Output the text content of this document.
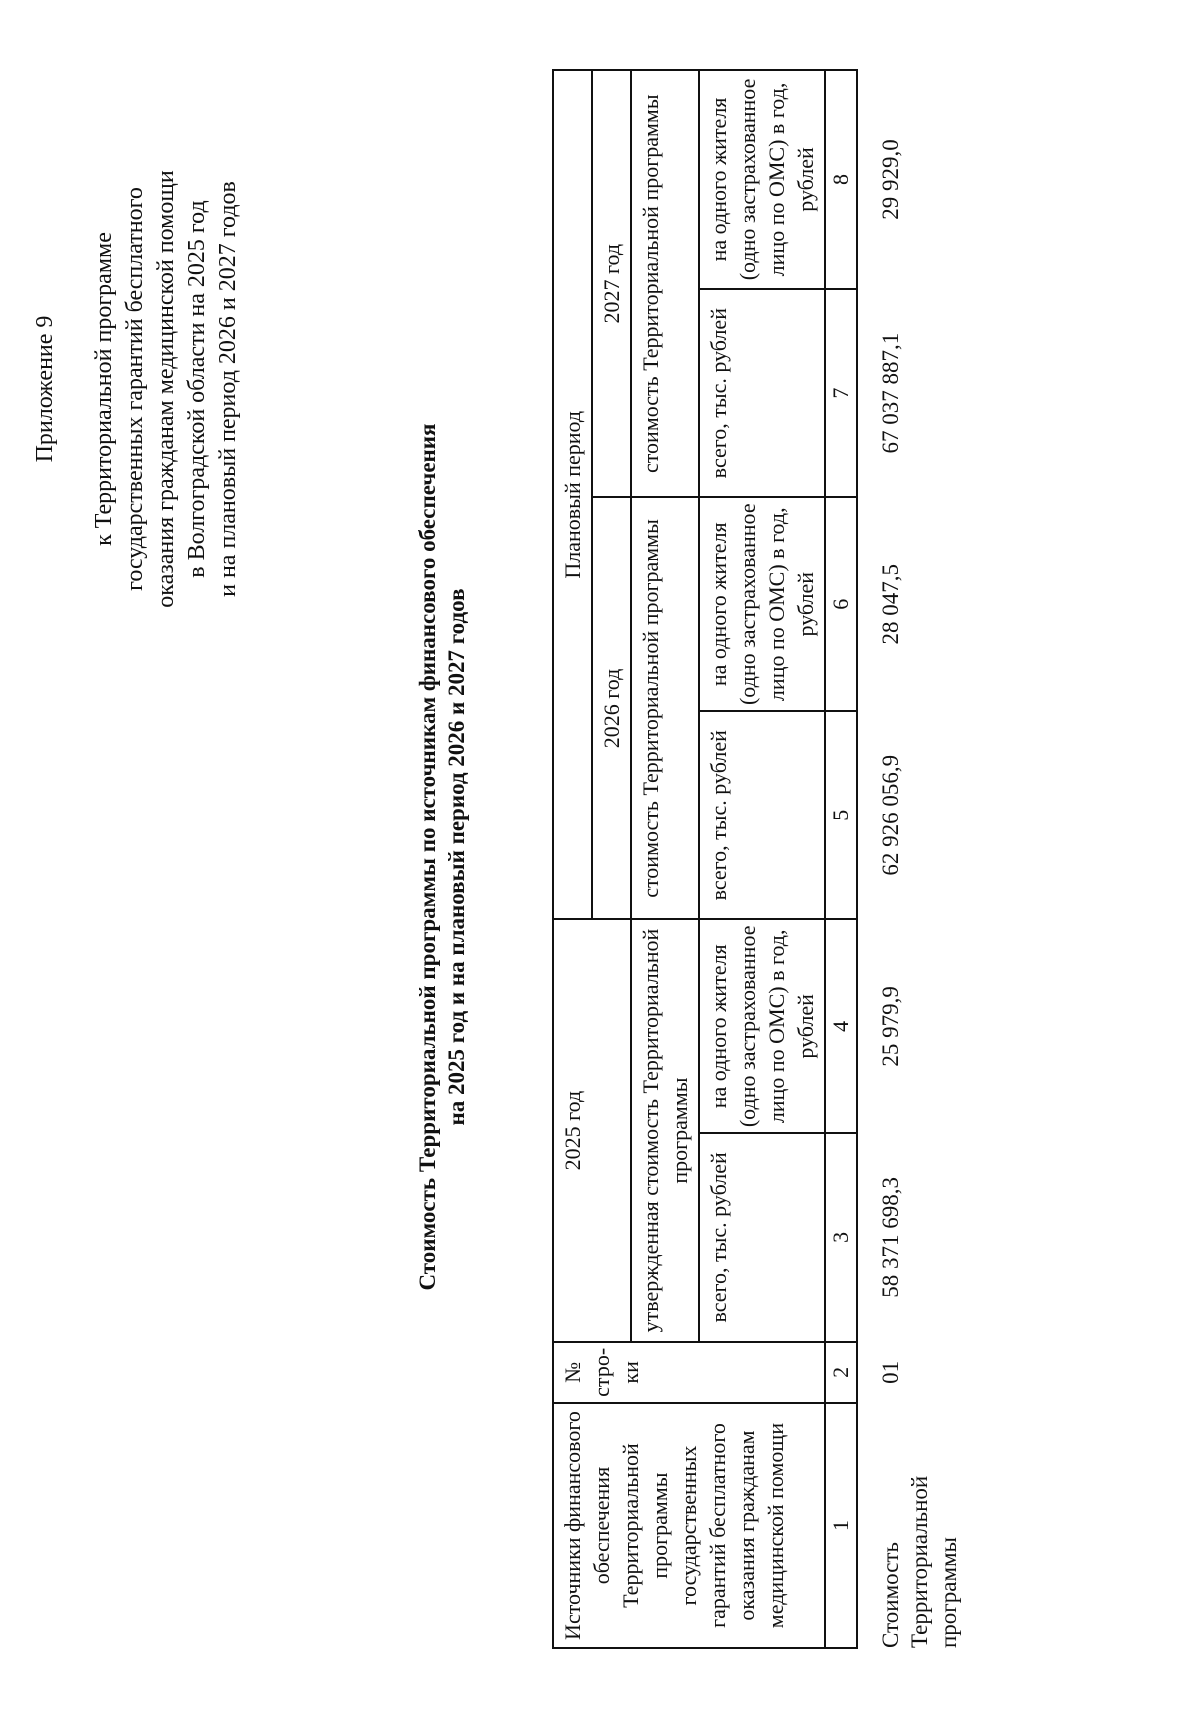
Приложение 9 к Территориальной программе государственных гарантий бесплатного оказания гражданам медицинской помощи в Волгоградской области на 2025 год и на плановый период 2026 и 2027 годов
Стоимость Территориальной программы по источникам финансового обеспечения на 2025 год и на плановый период 2026 и 2027 годов
Источники финансового обеспечения Территориальной программы государственных гарантий бесплатного оказания гражданам медицинской помощи	№ стро-ки	2025 год		Плановый период			
				2026 год		2027 год	
		утвержденная стоимость Территориальной программы		стоимость Территориальной программы		стоимость Территориальной программы	
		всего, тыс. рублей	на одного жителя (одно застрахованное лицо по ОМС) в год, рублей	всего, тыс. рублей	на одного жителя (одно застрахованное лицо по ОМС) в год, рублей	всего, тыс. рублей	на одного жителя (одно застрахованное лицо по ОМС) в год, рублей
1	2	3	4	5	6	7	8
Стоимость Территориальной программы	01	58 371 698,3	25 979,9	62 926 056,9	28 047,5	67 037 887,1	29 929,0
